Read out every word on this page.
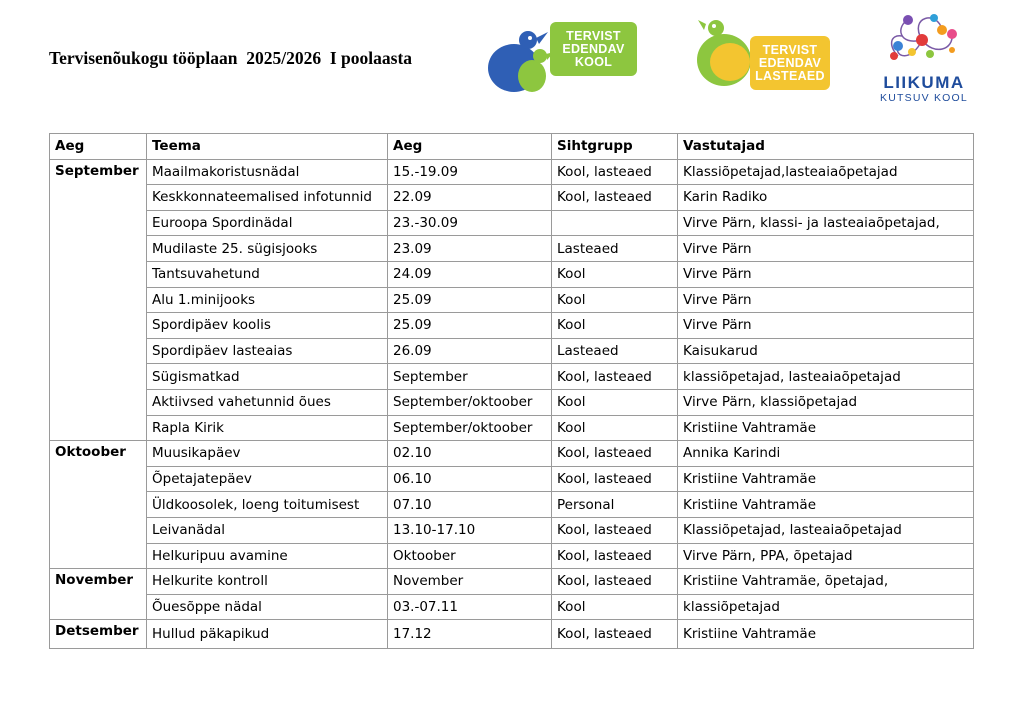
Tervisenõukogu tööplaan  2025/2026  I poolaasta
TERVIST
EDENDAV
KOOL
TERVIST
EDENDAV
LASTEAED	LIIKUMA
KUTSUV KOOL
Aeg	Teema	Aeg	Sihtgrupp	Vastutajad
September	Maailmakoristusnädal	15.-19.09	Kool, lasteaed	Klassiõpetajad,lasteaiaõpetajad
	Keskkonnateemalised infotunnid	22.09	Kool, lasteaed	Karin Radiko
	Euroopa Spordinädal	23.-30.09		Virve Pärn, klassi- ja lasteaiaõpetajad,
	Mudilaste 25. sügisjooks	23.09	Lasteaed	Virve Pärn
	Tantsuvahetund	24.09	Kool	Virve Pärn
	Alu 1.minijooks	25.09	Kool	Virve Pärn
	Spordipäev koolis	25.09	Kool	Virve Pärn
	Spordipäev lasteaias	26.09	Lasteaed	Kaisukarud
	Sügismatkad	September	Kool, lasteaed	klassiõpetajad, lasteaiaõpetajad
	Aktiivsed vahetunnid õues	September/oktoober	Kool	Virve Pärn, klassiõpetajad
	Rapla Kirik	September/oktoober	Kool	Kristiine Vahtramäe
Oktoober	Muusikapäev	02.10	Kool, lasteaed	Annika Karindi
	Õpetajatepäev	06.10	Kool, lasteaed	Kristiine Vahtramäe
	Üldkoosolek, loeng toitumisest	07.10	Personal	Kristiine Vahtramäe
	Leivanädal	13.10-17.10	Kool, lasteaed	Klassiõpetajad, lasteaiaõpetajad
	Helkuripuu avamine	Oktoober	Kool, lasteaed	Virve Pärn, PPA, õpetajad
November	Helkurite kontroll	November	Kool, lasteaed	Kristiine Vahtramäe, õpetajad,
	Õuesõppe nädal	03.-07.11	Kool	klassiõpetajad
Detsember	Hullud päkapikud	17.12	Kool, lasteaed	Kristiine Vahtramäe
